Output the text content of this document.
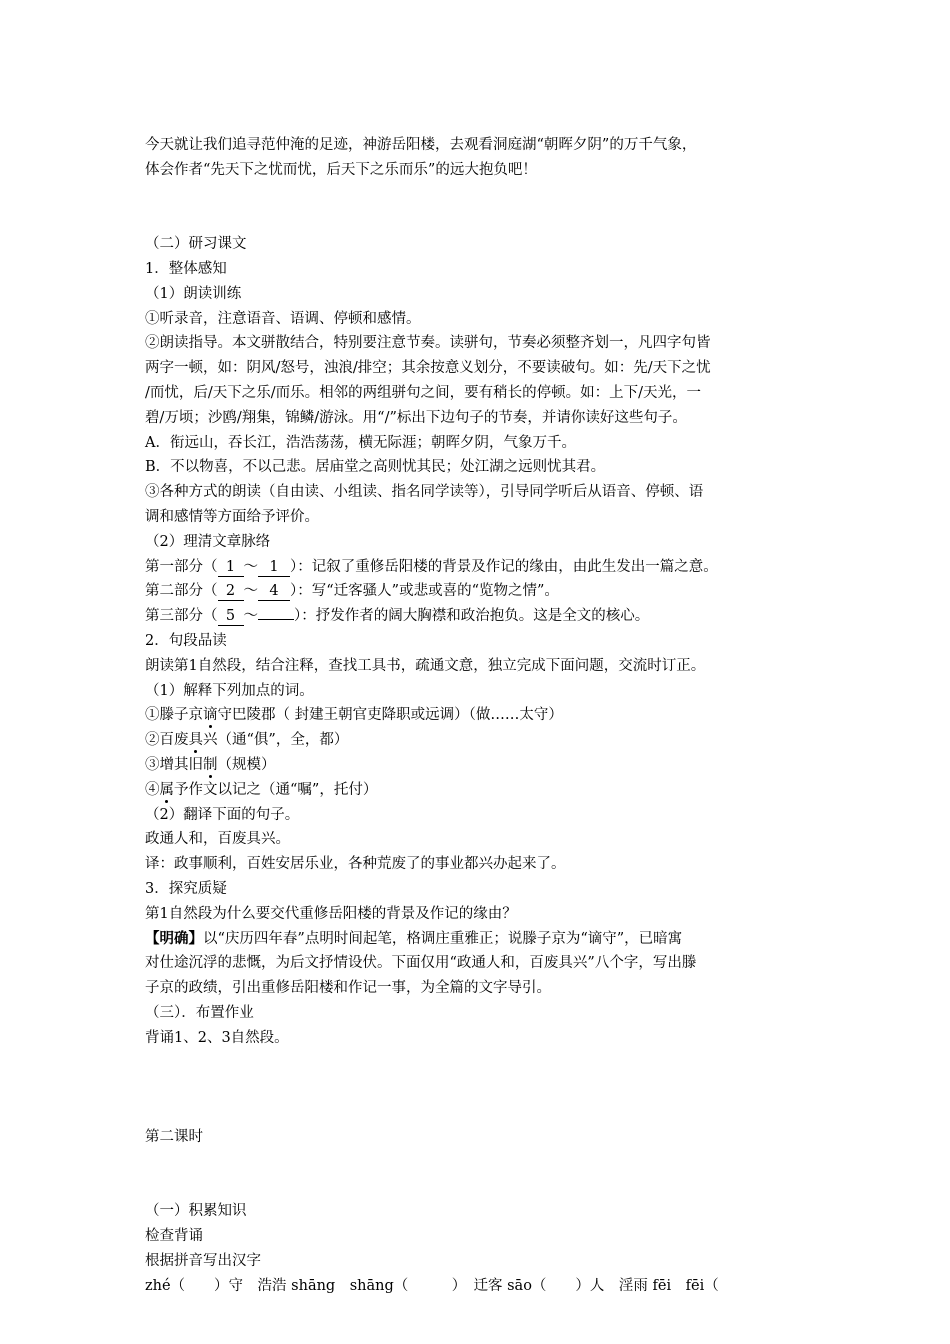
今天就让我们追寻范仲淹的足迹，神游岳阳楼，去观看洞庭湖“朝晖夕阴”的万千气象，
体会作者“先天下之忧而忧，后天下之乐而乐”的远大抱负吧！
（二）研习课文
1．整体感知
（1）朗读训练
①听录音，注意语音、语调、停顿和感情。
②朗读指导。本文骈散结合，特别要注意节奏。读骈句，节奏必须整齐划一，凡四字句皆
两字一顿，如：阴风/怒号，浊浪/排空；其余按意义划分，不要读破句。如：先/天下之忧
/而忧，后/天下之乐/而乐。相邻的两组骈句之间，要有稍长的停顿。如：上下/天光，一
碧/万顷；沙鸥/翔集，锦鳞/游泳。用“/”标出下边句子的节奏，并请你读好这些句子。
A．衔远山，吞长江，浩浩荡荡，横无际涯；朝晖夕阴，气象万千。
B．不以物喜，不以己悲。居庙堂之高则忧其民；处江湖之远则忧其君。
③各种方式的朗读（自由读、小组读、指名同学读等），引导同学听后从语音、停顿、语
调和感情等方面给予评价。
（2）理清文章脉络
第一部分（ 1 ～ 1 ）：记叙了重修岳阳楼的背景及作记的缘由，由此生发出一篇之意。
第二部分（ 2 ～ 4 ）：写“迁客骚人”或悲或喜的“览物之情”。
第三部分（ 5 ～ ）：抒发作者的阔大胸襟和政治抱负。这是全文的核心。
2．句段品读
朗读第1自然段，结合注释，查找工具书，疏通文意，独立完成下面问题，交流时订正。
（1）解释下列加点的词。
①滕子京谪守巴陵郡（ 封建王朝官吏降职或远调）（做……太守）
②百废具兴（通“俱”，全，都）
③增其旧制（规模）
④属予作文以记之（通“嘱”，托付）
（2）翻译下面的句子。
政通人和，百废具兴。
译：政事顺利，百姓安居乐业，各种荒废了的事业都兴办起来了。
3．探究质疑
第1自然段为什么要交代重修岳阳楼的背景及作记的缘由？
【明确】以“庆历四年春”点明时间起笔，格调庄重雅正；说滕子京为“谪守”，已暗寓
对仕途沉浮的悲慨，为后文抒情设伏。下面仅用“政通人和，百废具兴”八个字，写出滕
子京的政绩，引出重修岳阳楼和作记一事，为全篇的文字导引。
（三）．布置作业
背诵1、2、3自然段。
第二课时
（一）积累知识
检查背诵
根据拼音写出汉字
zhé（　　）守　浩浩 shāng　shāng（　　　）　迁客 sāo（　　）人　淫雨 fēi　fēi（
